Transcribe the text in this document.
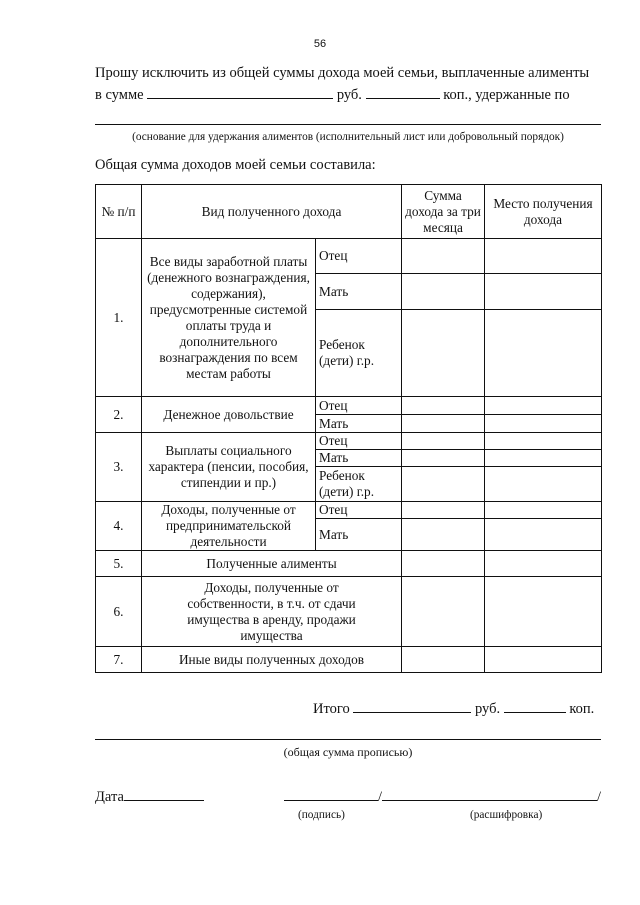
56
Прошу исключить из общей суммы дохода моей семьи, выплаченные алименты
в сумме	руб.	коп., удержанные по
(основание для удержания алиментов (исполнительный лист или добровольный порядок)
Общая сумма доходов моей семьи составила:
№ п/п	Вид полученного дохода		Сумма дохода за три месяца	Место получения дохода
1.	Все виды заработной платы (денежного вознаграждения, содержания), предусмотренные системой оплаты труда и дополнительного вознаграждения по всем местам работы	Отец		
		Мать		
		Ребенок (дети) г.р.		
2.	Денежное довольствие	Отец		
		Мать		
3.	Выплаты социального характера (пенсии, пособия, стипендии и пр.)	Отец		
		Мать		
		Ребенок (дети) г.р.		
4.	Доходы, полученные от предпринимательской деятельности	Отец		
		Мать		
5.	Полученные алименты			
6.	Доходы, полученные от собственности, в т.ч. от сдачи имущества в аренду, продажи имущества			
7.	Иные виды полученных доходов			
Итого	руб.	коп.
(общая сумма прописью)
Дата	/	/
(подпись)	(расшифровка)
